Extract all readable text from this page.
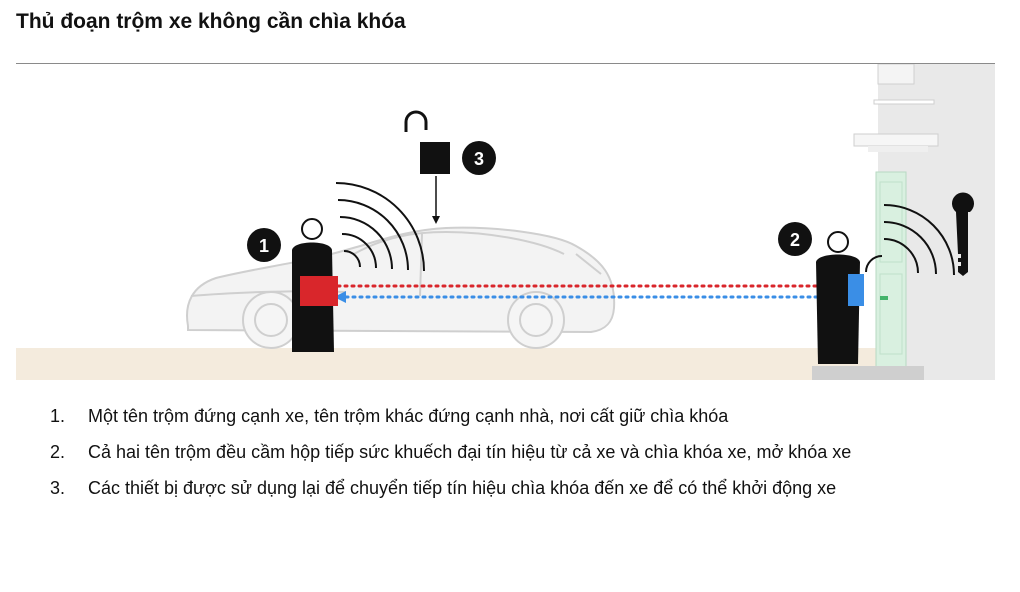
Thủ đoạn trộm xe không cần chìa khóa
1	2
3
1. Một tên trộm đứng cạnh xe, tên trộm khác đứng cạnh nhà, nơi cất giữ chìa khóa
2. Cả hai tên trộm đều cầm hộp tiếp sức khuếch đại tín hiệu từ cả xe và chìa khóa xe, mở khóa xe
3. Các thiết bị được sử dụng lại để chuyển tiếp tín hiệu chìa khóa đến xe để có thể khởi động xe
